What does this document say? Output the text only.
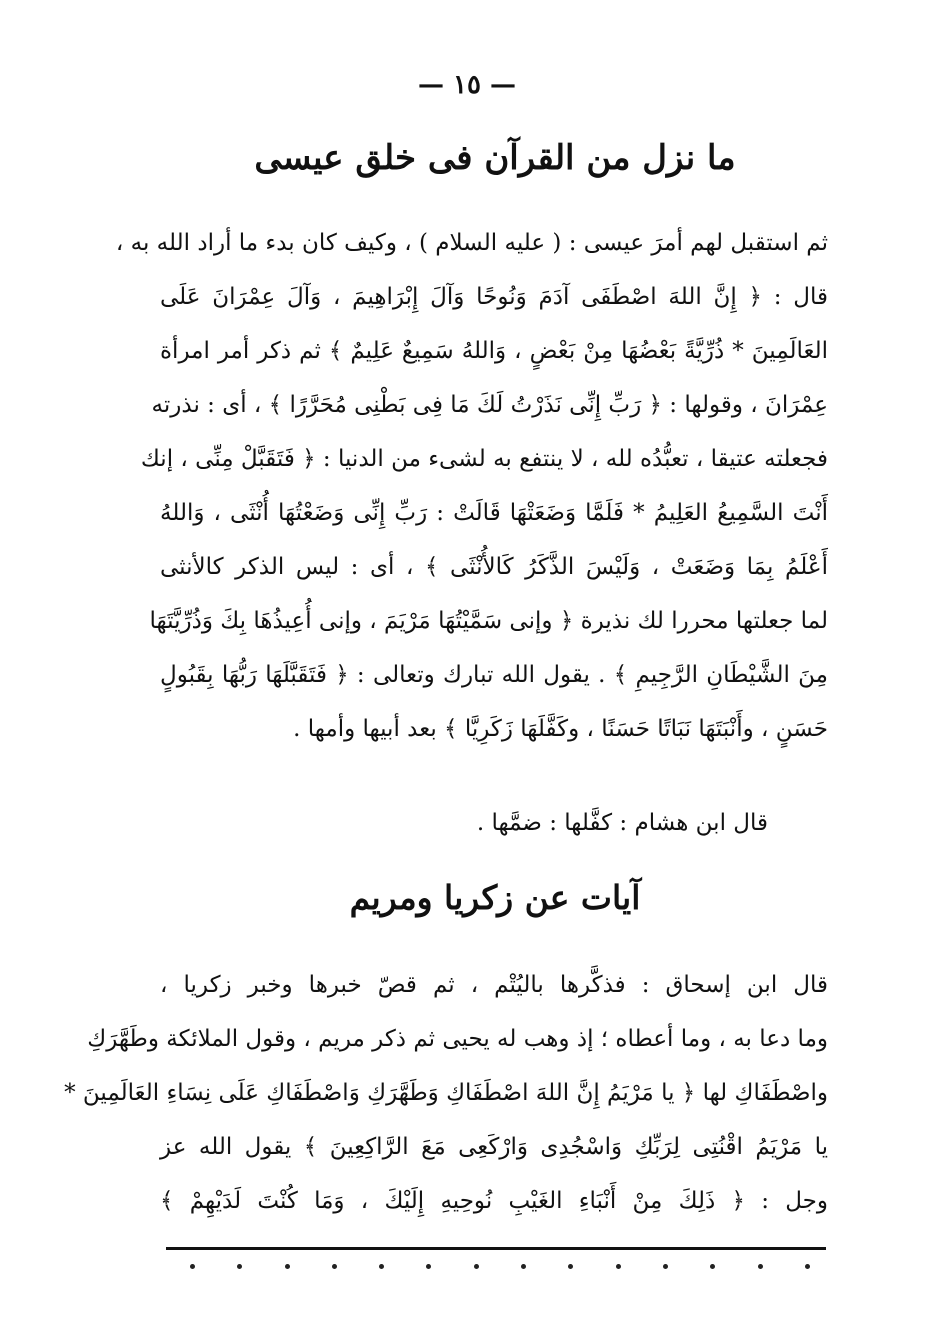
— ١٥ —
ما نزل من القرآن فى خلق عيسى
ثم استقبل لهم أمرَ عيسى : ( عليه السلام ) ، وكيف كان بدء ما أراد الله به ،
قال : ﴿ إِنَّ اللهَ اصْطَفَى آدَمَ وَنُوحًا وَآلَ إِبْرَاهِيمَ ، وَآلَ عِمْرَانَ عَلَى
العَالَمِينَ * ذُرِّيَّةً بَعْضُهَا مِنْ بَعْضٍ ، وَاللهُ سَمِيعٌ عَلِيمٌ ﴾ ثم ذكر أمر امرأة
عِمْرَانَ ، وقولها : ﴿ رَبِّ إِنِّى نَذَرْتُ لَكَ مَا فِى بَطْنِى مُحَرَّرًا ﴾ ، أى : نذرته
فجعلته عتيقا ، تعبُّدُه لله ، لا ينتفع به لشىء من الدنيا : ﴿ فَتَقَبَّلْ مِنِّى ، إنك
أَنْتَ السَّمِيعُ العَلِيمُ * فَلَمَّا وَضَعَتْهَا قَالَتْ : رَبِّ إِنِّى وَضَعْتُهَا أُنْثَى ، وَاللهُ
أَعْلَمُ بِمَا وَضَعَتْ ، وَلَيْسَ الذَّكَرُ كَالأُنْثَى ﴾ ، أى : ليس الذكر كالأنثى
لما جعلتها محررا لك نذيرة ﴿ وإنى سَمَّيْتُهَا مَرْيَمَ ، وإنى أُعِيذُهَا بِكَ وَذُرِّيَّتَهَا
مِنَ الشَّيْطَانِ الرَّجِيمِ ﴾ . يقول الله تبارك وتعالى : ﴿ فَتَقَبَّلَهَا رَبُّهَا بِقَبُولٍ
حَسَنٍ ، وأَنْبَتَهَا نَبَاتًا حَسَنًا ، وكَفَّلَهَا زَكَرِيَّا ﴾ بعد أبيها وأمها .
قال ابن هشام : كفَّلها : ضمَّها .
آيات عن زكريا ومريم
قال ابن إسحاق : فذكَّرها باليُتْم ، ثم قصّ خبرها وخبر زكريا ،
وما دعا به ، وما أعطاه ؛ إذ وهب له يحيى ثم ذكر مريم ، وقول الملائكة وطَهَّرَكِ
واصْطَفَاكِ لها ﴿ يا مَرْيَمُ إِنَّ اللهَ اصْطَفَاكِ وَطَهَّرَكِ وَاصْطَفَاكِ عَلَى نِسَاءِ العَالَمِينَ *
يا مَرْيَمُ اقْنُتِى لِرَبِّكِ وَاسْجُدِى وَارْكَعِى مَعَ الرَّاكِعِينَ ﴾ يقول الله عز
وجل : ﴿ ذَلِكَ مِنْ أَنْبَاءِ الغَيْبِ نُوحِيهِ إِلَيْكَ ، وَمَا كُنْتَ لَدَيْهِمْ ﴾
